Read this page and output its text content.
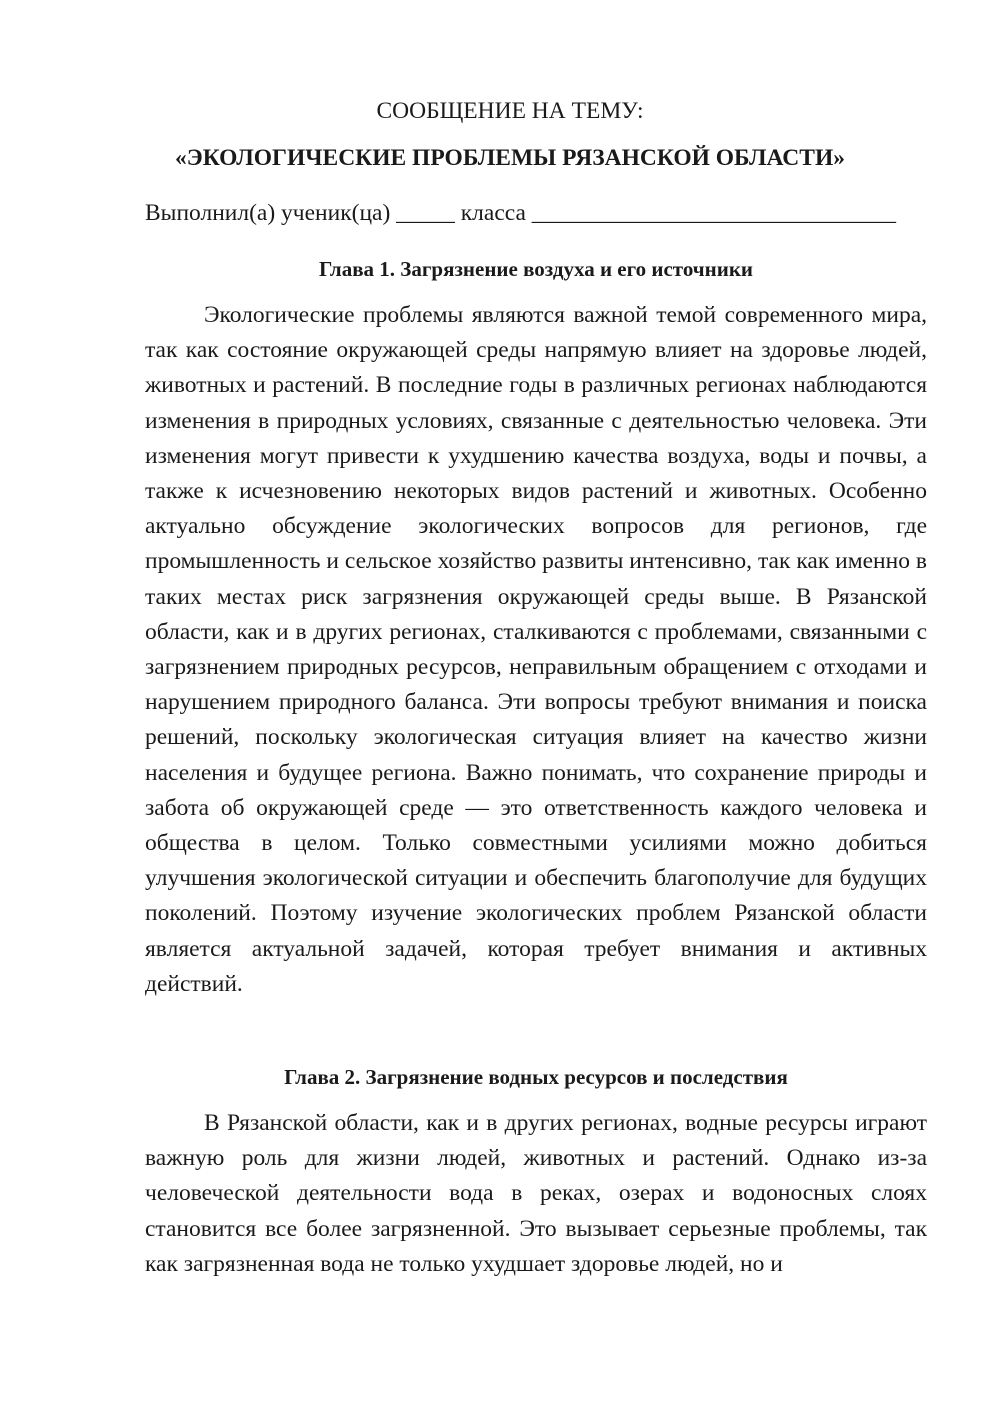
СООБЩЕНИЕ НА ТЕМУ:
«ЭКОЛОГИЧЕСКИЕ ПРОБЛЕМЫ РЯЗАНСКОЙ ОБЛАСТИ»
Выполнил(а) ученик(ца) _____ класса _______________________________
Глава 1. Загрязнение воздуха и его источники

Экологические проблемы являются важной темой современного мира, так как состояние окружающей среды напрямую влияет на здоровье людей, животных и растений. В последние годы в различных регионах наблюдаются изменения в природных условиях, связанные с деятельностью человека. Эти изменения могут привести к ухудшению качества воздуха, воды и почвы, а также к исчезновению некоторых видов растений и животных. Особенно актуально обсуждение экологических вопросов для регионов, где промышленность и сельское хозяйство развиты интенсивно, так как именно в таких местах риск загрязнения окружающей среды выше. В Рязанской области, как и в других регионах, сталкиваются с проблемами, связанными с загрязнением природных ресурсов, неправильным обращением с отходами и нарушением природного баланса. Эти вопросы требуют внимания и поиска решений, поскольку экологическая ситуация влияет на качество жизни населения и будущее региона. Важно понимать, что сохранение природы и забота об окружающей среде — это ответственность каждого человека и общества в целом. Только совместными усилиями можно добиться улучшения экологической ситуации и обеспечить благополучие для будущих поколений. Поэтому изучение экологических проблем Рязанской области является актуальной задачей, которая требует внимания и активных действий.

Глава 2. Загрязнение водных ресурсов и последствия

В Рязанской области, как и в других регионах, водные ресурсы играют важную роль для жизни людей, животных и растений. Однако из-за человеческой деятельности вода в реках, озерах и водоносных слоях становится все более загрязненной. Это вызывает серьезные проблемы, так как загрязненная вода не только ухудшает здоровье людей, но и
